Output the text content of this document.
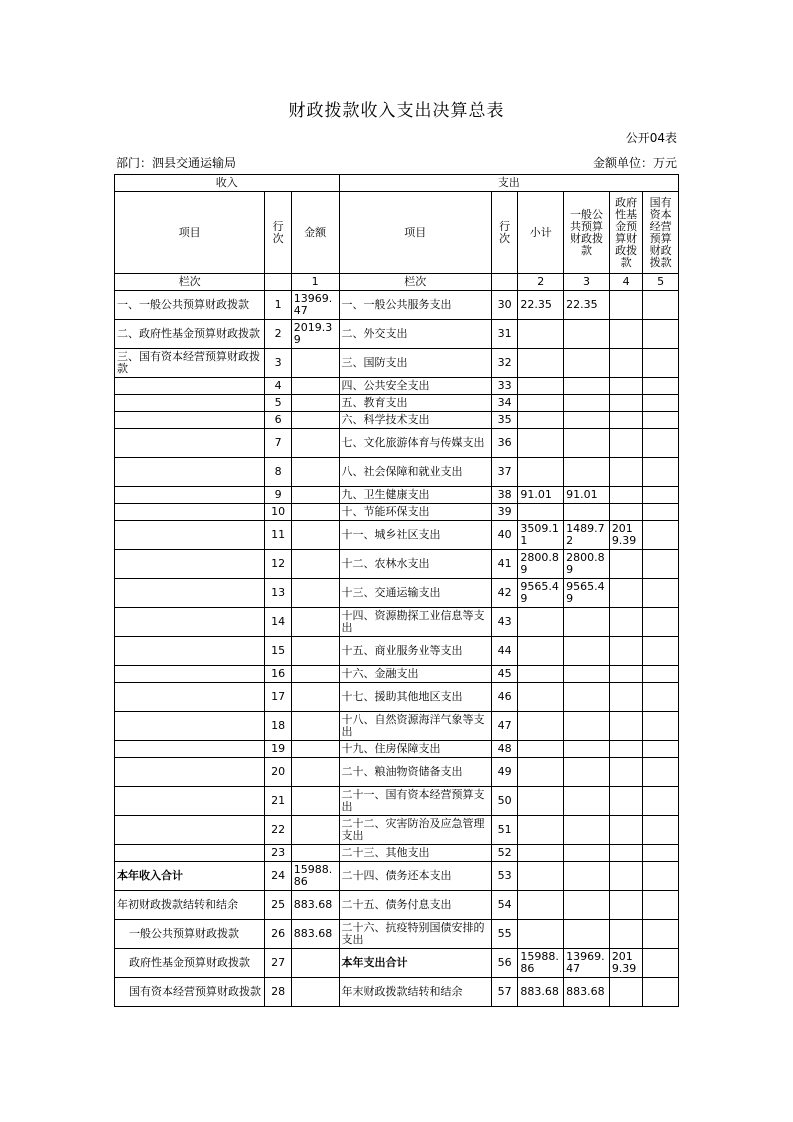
财政拨款收入支出决算总表
公开04表
部门：泗县交通运输局	金额单位：万元
收入			支出					
项目	行次	金额	项目	行次	小计	一般公共预算财政拨款	政府性基金预算财政拨款	国有资本经营预算财政拨款
栏次		1	栏次		2	3	4	5
一、一般公共预算财政拨款	1	13969.47	一、一般公共服务支出	30	22.35	22.35		
二、政府性基金预算财政拨款	2	2019.39	二、外交支出	31				
三、国有资本经营预算财政拨款	3		三、国防支出	32				
	4		四、公共安全支出	33				
	5		五、教育支出	34				
	6		六、科学技术支出	35				
	7		七、文化旅游体育与传媒支出	36				
	8		八、社会保障和就业支出	37				
	9		九、卫生健康支出	38	91.01	91.01		
	10		十、节能环保支出	39				
	11		十一、城乡社区支出	40	3509.11	1489.72	2019.39	
	12		十二、农林水支出	41	2800.89	2800.89		
	13		十三、交通运输支出	42	9565.49	9565.49		
	14		十四、资源勘探工业信息等支出	43				
	15		十五、商业服务业等支出	44				
	16		十六、金融支出	45				
	17		十七、援助其他地区支出	46				
	18		十八、自然资源海洋气象等支出	47				
	19		十九、住房保障支出	48				
	20		二十、粮油物资储备支出	49				
	21		二十一、国有资本经营预算支出	50				
	22		二十二、灾害防治及应急管理支出	51				
	23		二十三、其他支出	52				
本年收入合计	24	15988.86	二十四、债务还本支出	53				
年初财政拨款结转和结余	25	883.68	二十五、债务付息支出	54				
一般公共预算财政拨款	26	883.68	二十六、抗疫特别国债安排的支出	55				
政府性基金预算财政拨款	27		本年支出合计	56	15988.86	13969.47	2019.39	
国有资本经营预算财政拨款	28		年末财政拨款结转和结余	57	883.68	883.68		
